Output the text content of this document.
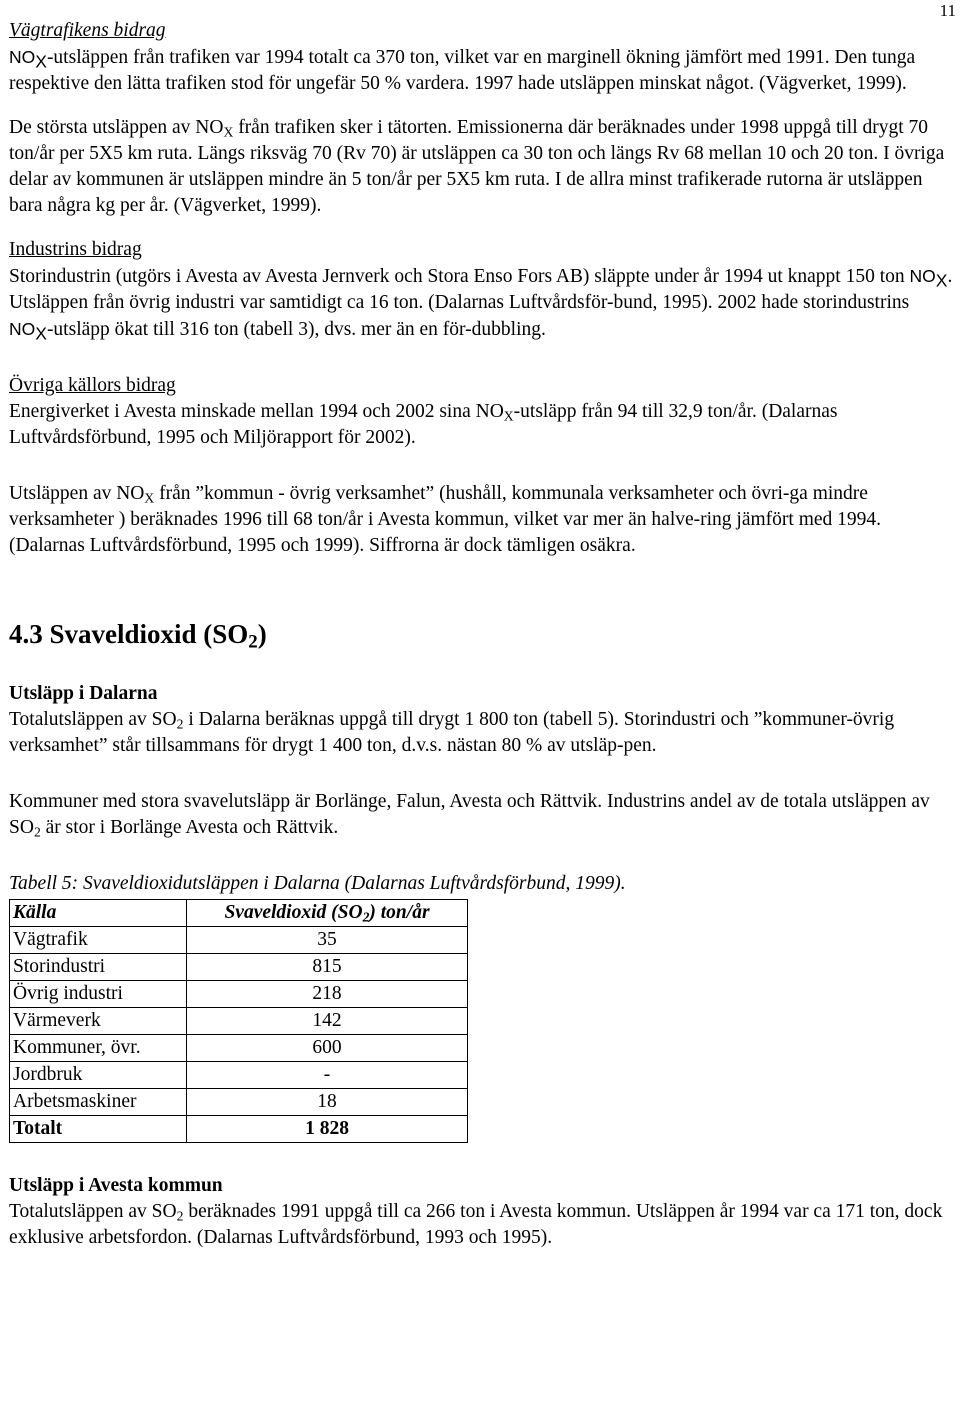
11

Vägtrafikens bidrag

$NO_X$-utsläppen från trafiken var 1994 totalt ca 370 ton, vilket var en marginell ökning jämfört med 1991. Den tunga respektive den lätta trafiken stod för ungefär 50 % vardera. 1997 hade utsläppen minskat något. (Vägverket, 1999).

De största utsläppen av $NO_X$ från trafiken sker i tätorten. Emissionerna där beräknades under 1998 uppgå till drygt 70 ton/år per 5X5 km ruta. Längs riksväg 70 (Rv 70) är utsläppen ca 30 ton och längs Rv 68 mellan 10 och 20 ton. I övriga delar av kommunen är utsläppen mindre än 5 ton/år per 5X5 km ruta. I de allra minst trafikerade rutorna är utsläppen bara några kg per år. (Vägverket, 1999).

Industrins bidrag

Storindustrin (utgörs i Avesta av Avesta Jernverk och Stora Enso Fors AB) släppte under år 1994 ut knappt 150 ton $NO_X$. Utsläppen från övrig industri var samtidigt ca 16 ton. (Dalarnas Luftvårdsför-bund, 1995). 2002 hade storindustrins $NO_X$-utsläpp ökat till 316 ton (tabell 3), dvs. mer än en för-dubbling.

Övriga källors bidrag

Energiverket i Avesta minskade mellan 1994 och 2002 sina $NO_X$-utsläpp från 94 till 32,9 ton/år. (Dalarnas Luftvårdsförbund, 1995 och Miljörapport för 2002).

Utsläppen av $NO_X$ från ”kommun - övrig verksamhet” (hushåll, kommunala verksamheter och övri-ga mindre verksamheter ) beräknades 1996 till 68 ton/år i Avesta kommun, vilket var mer än halve-ring jämfört med 1994. (Dalarnas Luftvårdsförbund, 1995 och 1999). Siffrorna är dock tämligen osäkra.

4.3 Svaveldioxid $(SO_2)$

Utsläpp i Dalarna

Totalutsläppen av $SO_2$ i Dalarna beräknas uppgå till drygt 1 800 ton (tabell 5). Storindustri och ”kommuner-övrig verksamhet” står tillsammans för drygt 1 400 ton, d.v.s. nästan 80 % av utsläp-pen.

Kommuner med stora svavelutsläpp är Borlänge, Falun, Avesta och Rättvik. Industrins andel av de totala utsläppen av $SO_2$ är stor i Borlänge Avesta och Rättvik.

Tabell 5: Svaveldioxidutsläppen i Dalarna (Dalarnas Luftvårdsförbund, 1999).

Källa	Svaveldioxid $(SO_2)$ ton/år
Vägtrafik	35
Storindustri	815
Övrig industri	218
Värmeverk	142
Kommuner, övr.	600
Jordbruk	-
Arbetsmaskiner	18
Totalt	1 828

Utsläpp i Avesta kommun

Totalutsläppen av $SO_2$ beräknades 1991 uppgå till ca 266 ton i Avesta kommun. Utsläppen år 1994 var ca 171 ton, dock exklusive arbetsfordon. (Dalarnas Luftvårdsförbund, 1993 och 1995).
